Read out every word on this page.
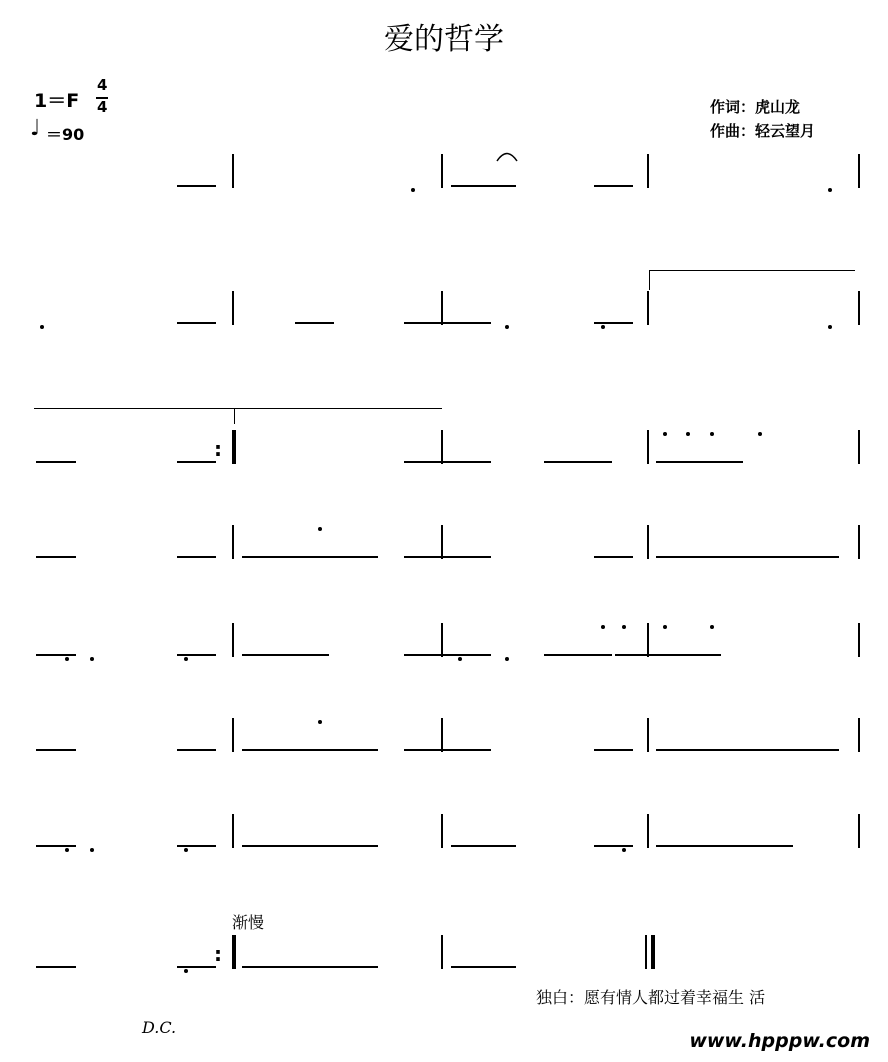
爱的哲学
1＝F
4
4
♩ ＝90
作词：虎山龙
作曲：轻云望月
:
:
渐慢
独白：愿有情人都过着幸福生 活
D.C.
www.hpppw.com
